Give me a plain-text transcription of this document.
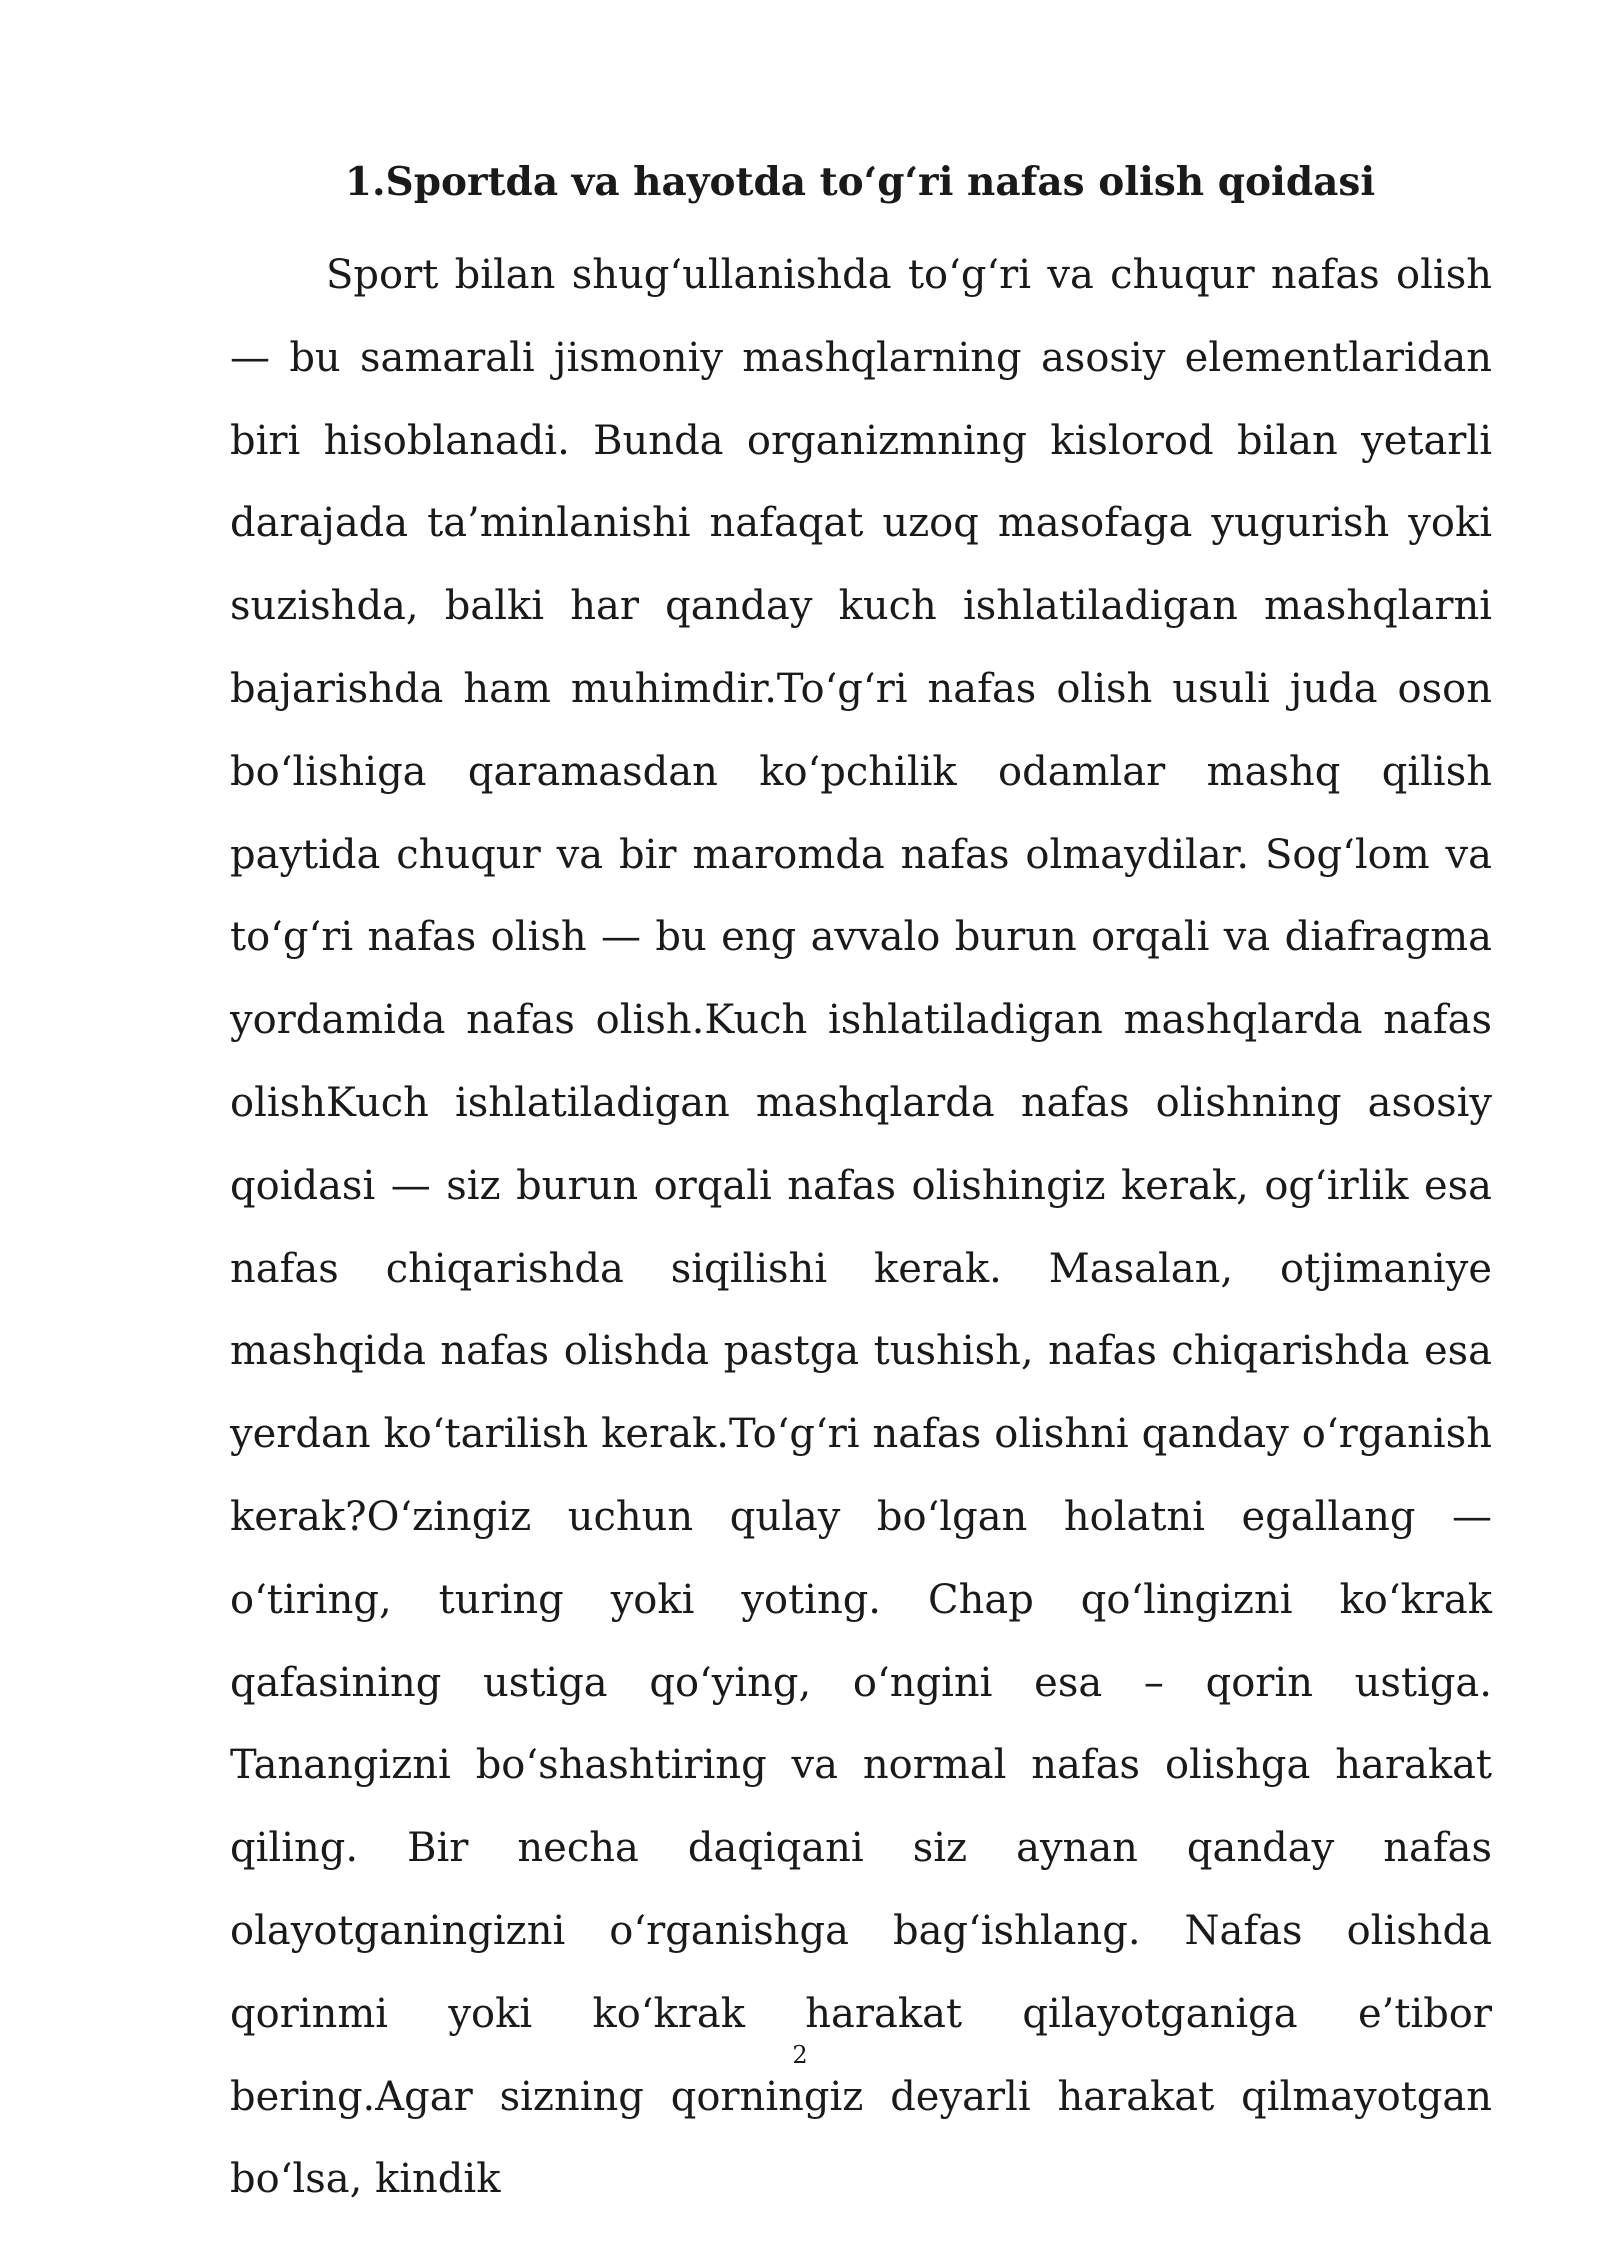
1.Sportda va hayotda to‘g‘ri nafas olish qoidasi

Sport bilan shug‘ullanishda to‘g‘ri va chuqur nafas olish — bu samarali jismoniy mashqlarning asosiy elementlaridan biri hisoblanadi. Bunda organizmning kislorod bilan yetarli darajada ta’minlanishi nafaqat uzoq masofaga yugurish yoki suzishda, balki har qanday kuch ishlatiladigan mashqlarni bajarishda ham muhimdir.To‘g‘ri nafas olish usuli juda oson bo‘lishiga qaramasdan ko‘pchilik odamlar mashq qilish paytida chuqur va bir maromda nafas olmaydilar. Sog‘lom va to‘g‘ri nafas olish — bu eng avvalo burun orqali va diafragma yordamida nafas olish.Kuch ishlatiladigan mashqlarda nafas olishKuch ishlatiladigan mashqlarda nafas olishning asosiy qoidasi — siz burun orqali nafas olishingiz kerak, og‘irlik esa nafas chiqarishda siqilishi kerak. Masalan, otjimaniye mashqida nafas olishda pastga tushish, nafas chiqarishda esa yerdan ko‘tarilish kerak.To‘g‘ri nafas olishni qanday o‘rganish kerak?O‘zingiz uchun qulay bo‘lgan holatni egallang — o‘tiring, turing yoki yoting. Chap qo‘lingizni ko‘krak qafasining ustiga qo‘ying, o‘ngini esa – qorin ustiga. Tanangizni bo‘shashtiring va normal nafas olishga harakat qiling. Bir necha daqiqani siz aynan qanday nafas olayotganingizni o‘rganishga bag‘ishlang. Nafas olishda qorinmi yoki ko‘krak harakat qilayotganiga e’tibor bering.Agar sizning qorningiz deyarli harakat qilmayotgan bo‘lsa, kindik

2
